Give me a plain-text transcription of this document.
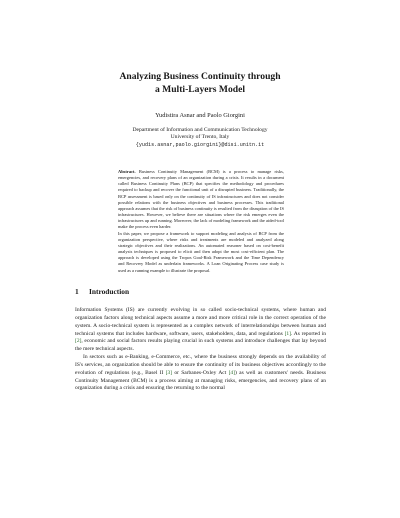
Analyzing Business Continuity through
a Multi-Layers Model
Yudistira Asnar and Paolo Giorgini
Department of Information and Communication Technology
University of Trento, Italy
{yudis.asnar,paolo.giorgini}@disi.unitn.it

Abstract. Business Continuity Management (BCM) is a process to manage risks, emergencies, and recovery plans of an organization during a crisis. It results in a document called Business Continuity Plans (BCP) that specifies the methodology and procedures required to backup and recover the functional unit of a disrupted business. Traditionally, the BCP assessment is based only on the continuity of IS infrastructures and does not consider possible relations with the business objectives and business processes. This traditional approach assumes that the risk of business continuity is resulted from the disruption of the IS infrastructures. However, we believe there are situations where the risk emerges even the infrastructures up and running. Moreover, the lack of modeling framework and the aided-tool make the process even harder.

In this paper, we propose a framework to support modeling and analysis of BCP from the organization perspective, where risks and treatments are modeled and analyzed along strategic objectives and their realizations. An automated reasoner based on cost-benefit analysis techniques is proposed to elicit and then adopt the most cost-efficient plan. The approach is developed using the Tropos Goal-Risk Framework and the Time Dependency and Recovery Model as underlain frameworks. A Loan Originating Process case study is used as a running example to illustrate the proposal.

1 Introduction

Information Systems (IS) are currently evolving in so called socio-technical systems, where human and organization factors along technical aspects assume a more and more critical role in the correct operation of the system. A socio-technical system is represented as a complex network of interrelationships between human and technical systems that includes hardware, software, users, stakeholders, data, and regulations [1]. As reported in [2], economic and social factors results playing crucial in such systems and introduce challenges that lay beyond the mere technical aspects.

In sectors such as e-Banking, e-Commerce, etc., where the business strongly depends on the availability of IS's services, an organization should be able to ensure the continuity of its business objectives accordingly to the evolution of regulations (e.g., Basel II [3] or Sarbanes-Oxley Act [4]) as well as customers' needs. Business Continuity Management (BCM) is a process aiming at managing risks, emergencies, and recovery plans of an organization during a crisis and ensuring the returning to the normal
